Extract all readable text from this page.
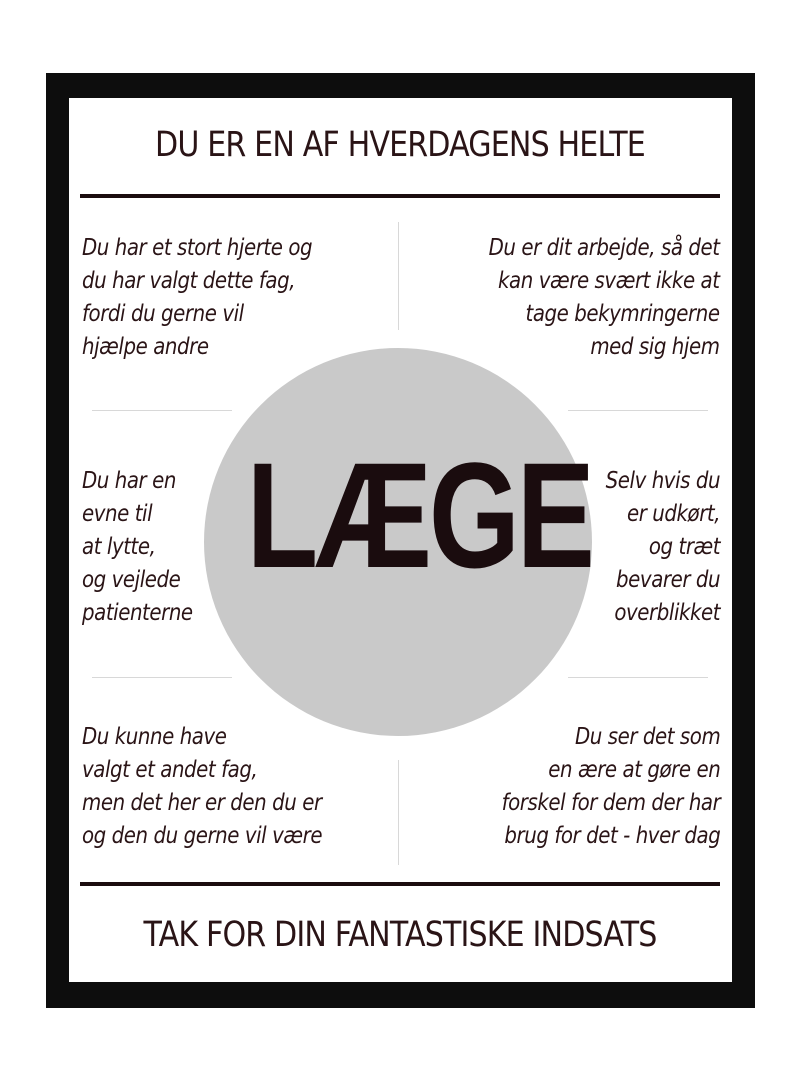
DU ER EN AF HVERDAGENS HELTE
LÆGE
Du har et stort hjerte og
du har valgt dette fag,
fordi du gerne vil
hjælpe andre
Du er dit arbejde, så det
kan være svært ikke at
tage bekymringerne
med sig hjem
Du har en
evne til
at lytte,
og vejlede
patienterne
Selv hvis du
er udkørt,
og træt
bevarer du
overblikket
Du kunne have
valgt et andet fag,
men det her er den du er
og den du gerne vil være
Du ser det som
en ære at gøre en
forskel for dem der har
brug for det - hver dag
TAK FOR DIN FANTASTISKE INDSATS
